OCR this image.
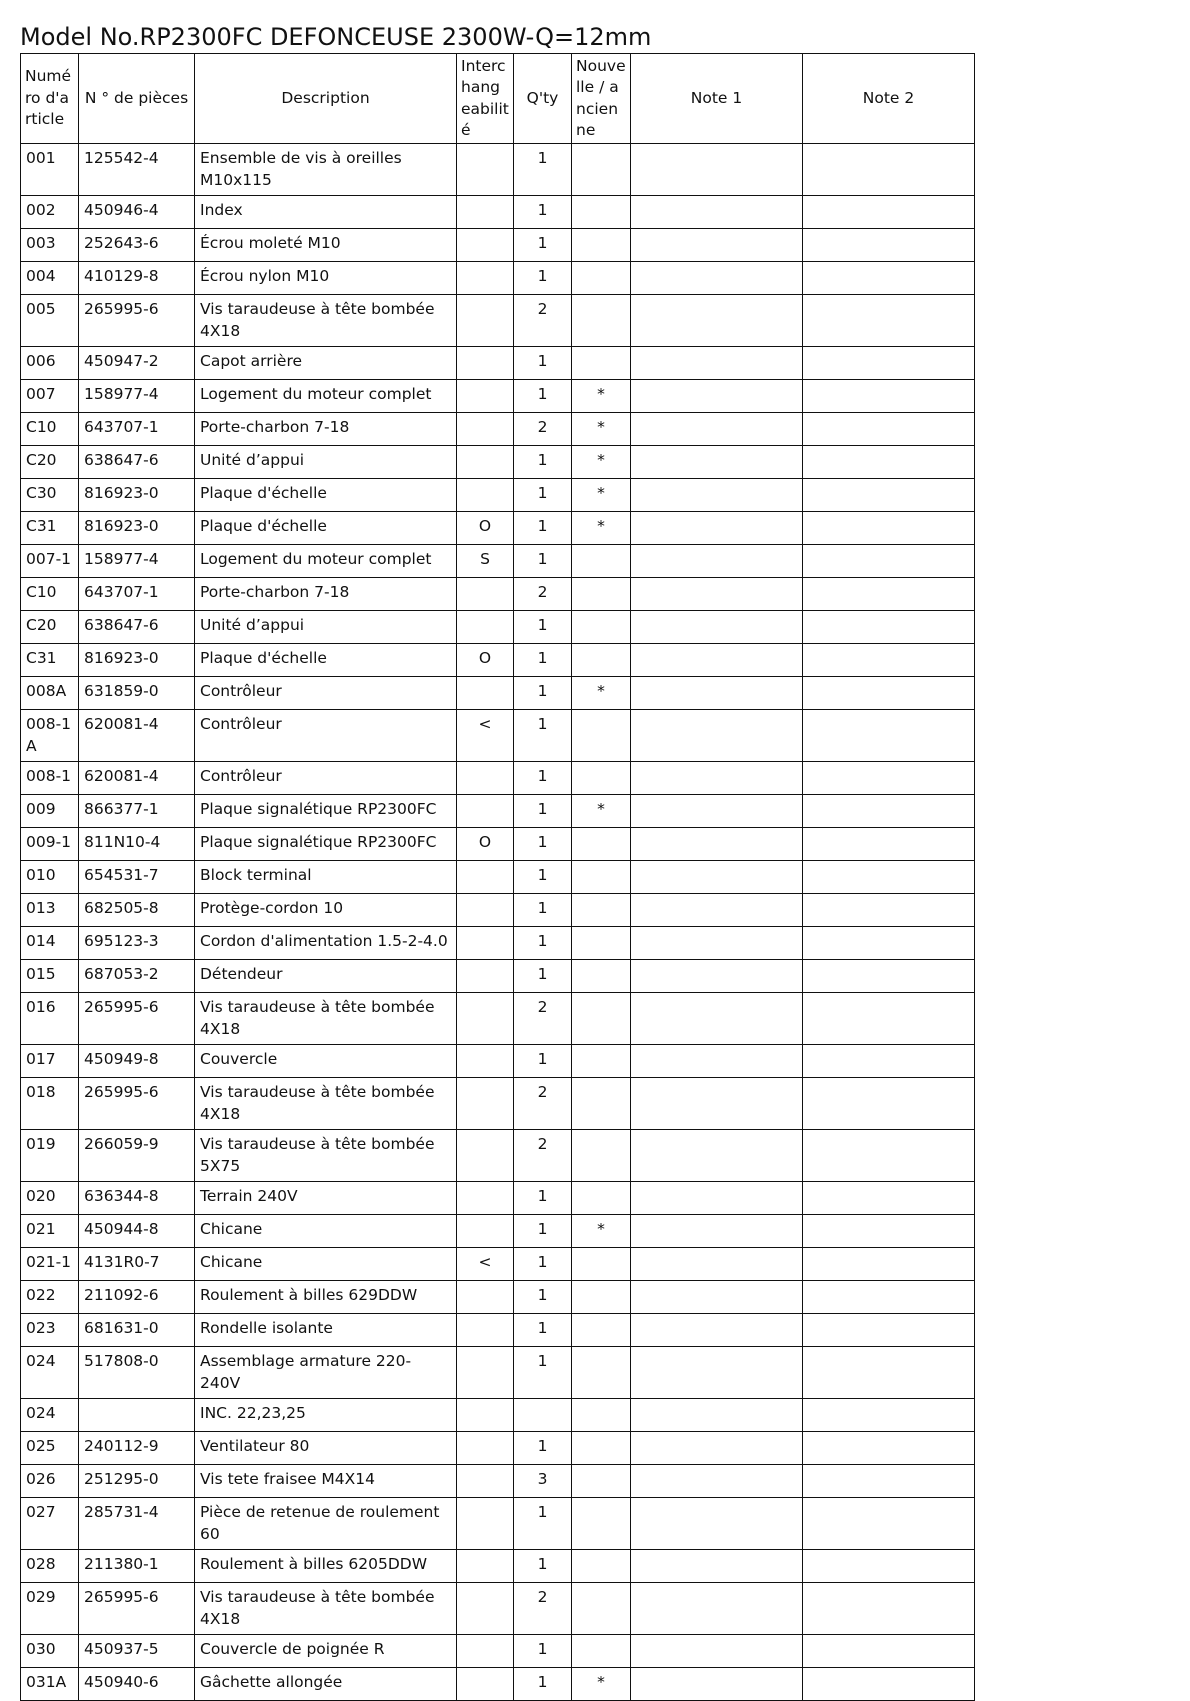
Model No.RP2300FC DEFONCEUSE 2300W-Q=12mm
Numéro d'article	N ° de pièces	Description	Interchangeabilité	Q'ty	Nouvelle / ancienne	Note 1	Note 2
001	125542-4	Ensemble de vis à oreilles M10x115		1			
002	450946-4	Index		1			
003	252643-6	Écrou moleté M10		1			
004	410129-8	Écrou nylon M10		1			
005	265995-6	Vis taraudeuse à tête bombée 4X18		2			
006	450947-2	Capot arrière		1			
007	158977-4	Logement du moteur complet		1	*		
C10	643707-1	Porte-charbon 7-18		2	*		
C20	638647-6	Unité d’appui		1	*		
C30	816923-0	Plaque d'échelle		1	*		
C31	816923-0	Plaque d'échelle	O	1	*		
007-1	158977-4	Logement du moteur complet	S	1			
C10	643707-1	Porte-charbon 7-18		2			
C20	638647-6	Unité d’appui		1			
C31	816923-0	Plaque d'échelle	O	1			
008A	631859-0	Contrôleur		1	*		
008-1A	620081-4	Contrôleur	<	1			
008-1	620081-4	Contrôleur		1			
009	866377-1	Plaque signalétique RP2300FC		1	*		
009-1	811N10-4	Plaque signalétique RP2300FC	O	1			
010	654531-7	Block terminal		1			
013	682505-8	Protège-cordon 10		1			
014	695123-3	Cordon d'alimentation 1.5-2-4.0		1			
015	687053-2	Détendeur		1			
016	265995-6	Vis taraudeuse à tête bombée 4X18		2			
017	450949-8	Couvercle		1			
018	265995-6	Vis taraudeuse à tête bombée 4X18		2			
019	266059-9	Vis taraudeuse à tête bombée 5X75		2			
020	636344-8	Terrain 240V		1			
021	450944-8	Chicane		1	*		
021-1	4131R0-7	Chicane	<	1			
022	211092-6	Roulement à billes 629DDW		1			
023	681631-0	Rondelle isolante		1			
024	517808-0	Assemblage armature 220-240V		1			
024		INC. 22,23,25					
025	240112-9	Ventilateur 80		1			
026	251295-0	Vis tete fraisee M4X14		3			
027	285731-4	Pièce de retenue de roulement 60		1			
028	211380-1	Roulement à billes 6205DDW		1			
029	265995-6	Vis taraudeuse à tête bombée 4X18		2			
030	450937-5	Couvercle de poignée R		1			
031A	450940-6	Gâchette allongée		1	*		
